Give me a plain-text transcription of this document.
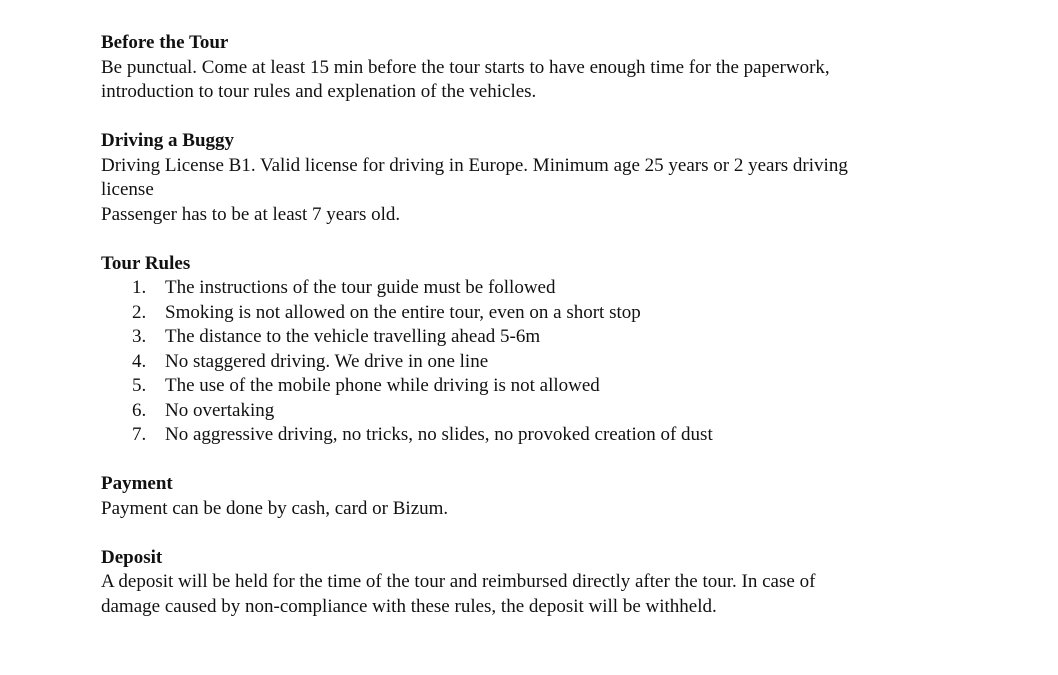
Before the Tour
Be punctual. Come at least 15 min before the tour starts to have enough time for the paperwork,
introduction to tour rules and explenation of the vehicles.
Driving a Buggy
Driving License B1. Valid license for driving in Europe. Minimum age 25 years or 2 years driving
license
Passenger has to be at least 7 years old.
Tour Rules
1. The instructions of the tour guide must be followed
2. Smoking is not allowed on the entire tour, even on a short stop
3. The distance to the vehicle travelling ahead 5-6m
4. No staggered driving. We drive in one line
5. The use of the mobile phone while driving is not allowed
6. No overtaking
7. No aggressive driving, no tricks, no slides, no provoked creation of dust
Payment
Payment can be done by cash, card or Bizum.
Deposit
A deposit will be held for the time of the tour and reimbursed directly after the tour. In case of
damage caused by non-compliance with these rules, the deposit will be withheld.
